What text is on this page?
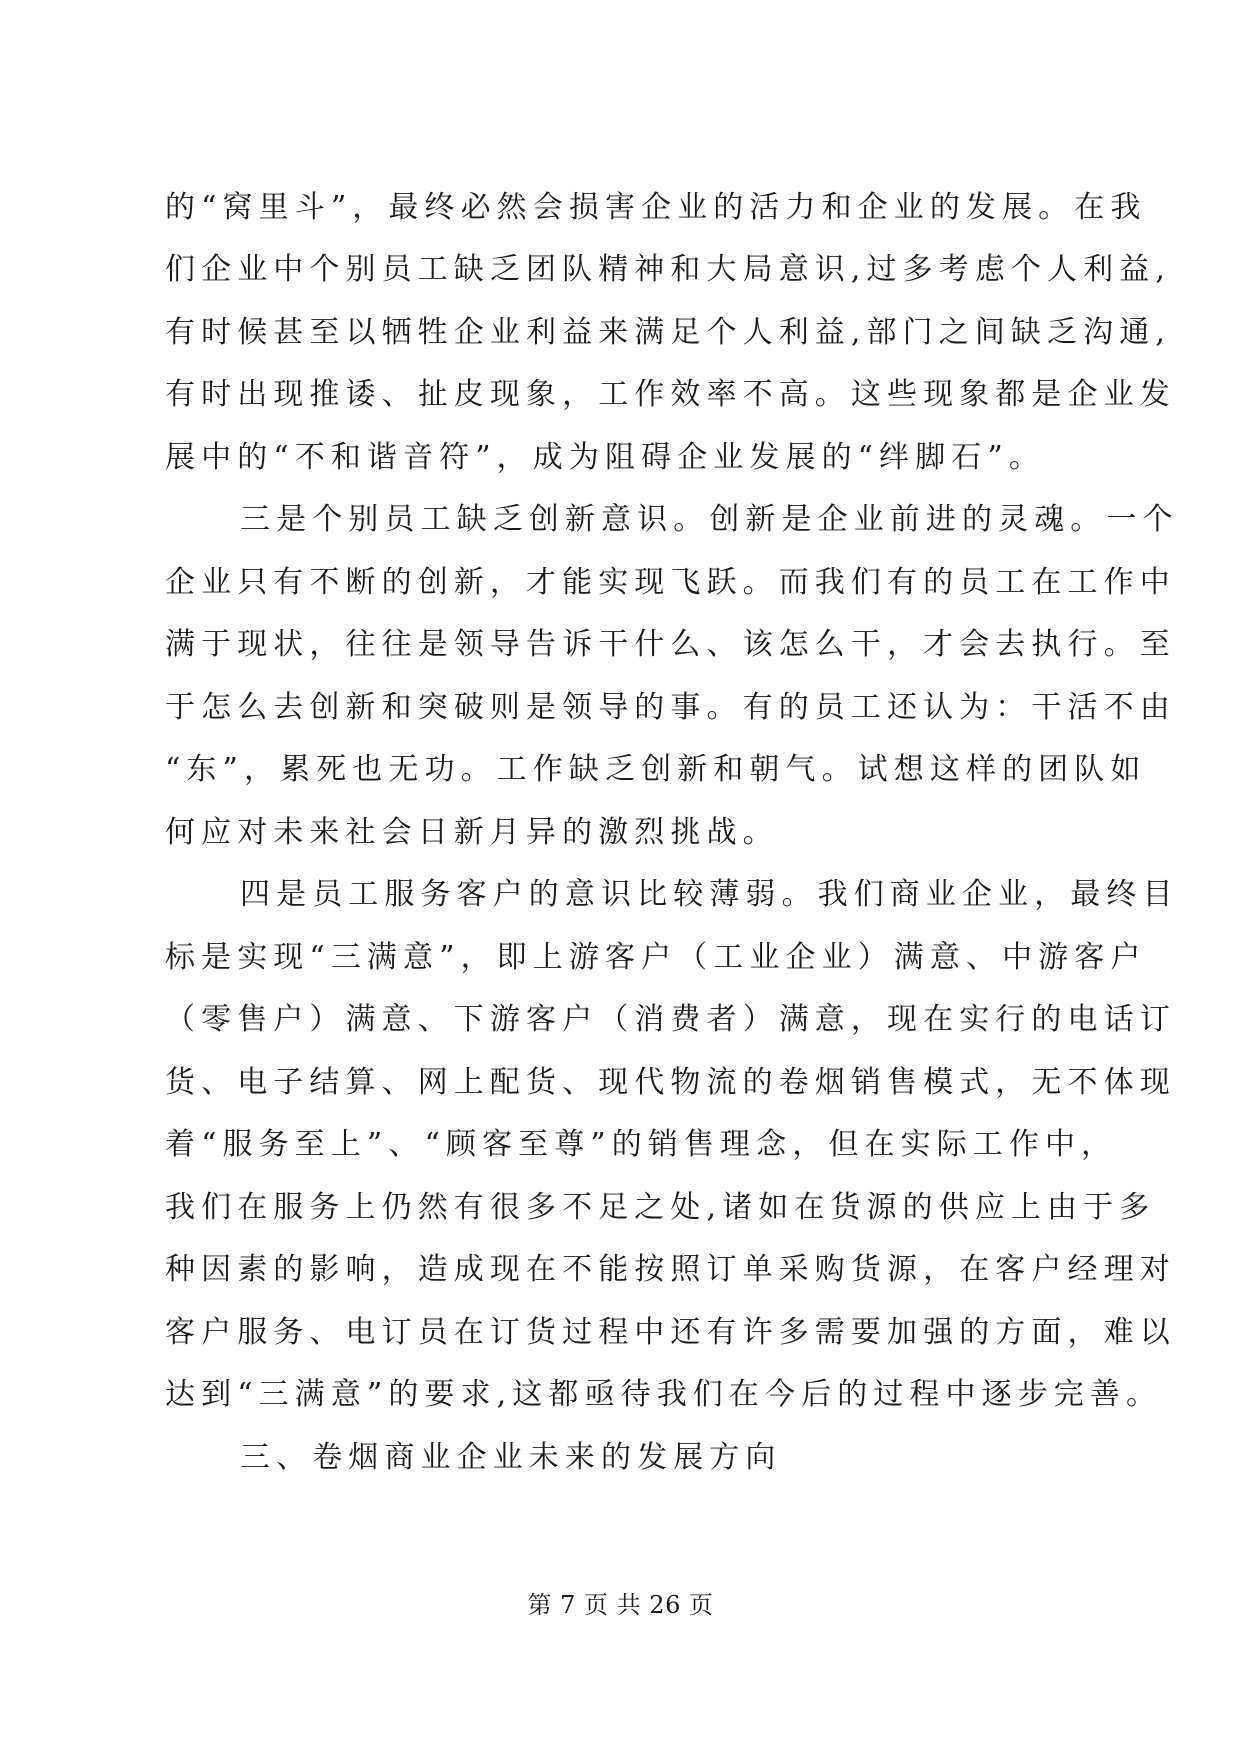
的“窝里斗”，最终必然会损害企业的活力和企业的发展。在我

们企业中个别员工缺乏团队精神和大局意识,过多考虑个人利益,

有时候甚至以牺牲企业利益来满足个人利益,部门之间缺乏沟通,

有时出现推诿、扯皮现象，工作效率不高。这些现象都是企业发

展中的“不和谐音符”，成为阻碍企业发展的“绊脚石”。

三是个别员工缺乏创新意识。创新是企业前进的灵魂。一个

企业只有不断的创新，才能实现飞跃。而我们有的员工在工作中

满于现状，往往是领导告诉干什么、该怎么干，才会去执行。至

于怎么去创新和突破则是领导的事。有的员工还认为：干活不由

“东”，累死也无功。工作缺乏创新和朝气。试想这样的团队如

何应对未来社会日新月异的激烈挑战。

四是员工服务客户的意识比较薄弱。我们商业企业，最终目

标是实现“三满意”，即上游客户（工业企业）满意、中游客户

（零售户）满意、下游客户（消费者）满意，现在实行的电话订

货、电子结算、网上配货、现代物流的卷烟销售模式，无不体现

着“服务至上”、“顾客至尊”的销售理念，但在实际工作中，

我们在服务上仍然有很多不足之处,诸如在货源的供应上由于多

种因素的影响，造成现在不能按照订单采购货源，在客户经理对

客户服务、电订员在订货过程中还有许多需要加强的方面，难以

达到“三满意”的要求,这都亟待我们在今后的过程中逐步完善。

三、卷烟商业企业未来的发展方向

第 7 页 共 26 页
